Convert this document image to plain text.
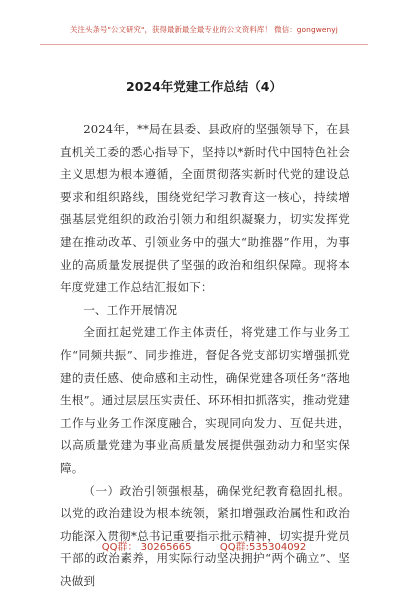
关注头条号"公文研究"，获得最新最全最专业的公文资料库！ 微信：gongwenyj
2024年党建工作总结（4）

2024年，**局在县委、县政府的坚强领导下，在县直机关工委的悉心指导下，坚持以*新时代中国特色社会主义思想为根本遵循，全面贯彻落实新时代党的建设总要求和组织路线，围绕党纪学习教育这一核心，持续增强基层党组织的政治引领力和组织凝聚力，切实发挥党建在推动改革、引领业务中的强大“助推器”作用，为事业的高质量发展提供了坚强的政治和组织保障。现将本年度党建工作总结汇报如下：

一、工作开展情况

全面扛起党建工作主体责任，将党建工作与业务工作“同频共振”、同步推进，督促各党支部切实增强抓党建的责任感、使命感和主动性，确保党建各项任务“落地生根”。通过层层压实责任、环环相扣抓落实，推动党建工作与业务工作深度融合，实现同向发力、互促共进，以高质量党建为事业高质量发展提供强劲动力和坚实保障。

（一）政治引领强根基，确保党纪教育稳固扎根。以党的政治建设为根本统领，紧扣增强政治属性和政治功能深入贯彻*总书记重要指示批示精神，切实提升党员干部的政治素养，用实际行动坚决拥护“两个确立”、坚决做到

QQ群： 30265665	QQ群:535304092
